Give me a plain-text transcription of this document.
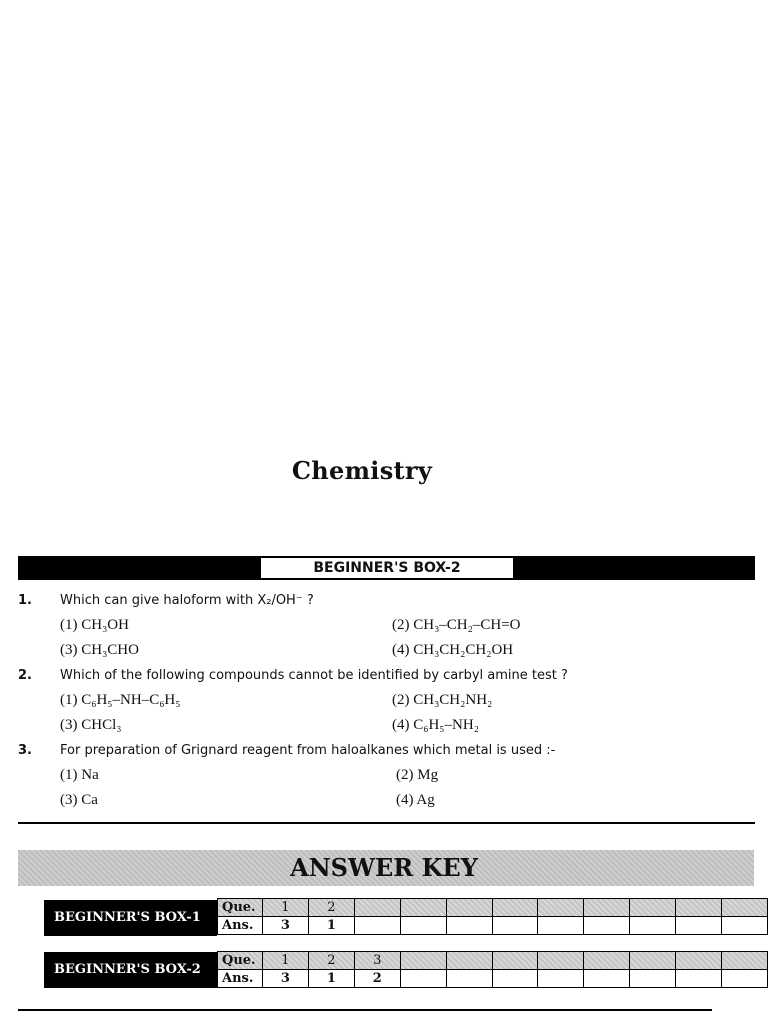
Chemistry
BEGINNER'S BOX-2
1. Which can give haloform with X₂/OH⁻ ?
(1) CH₃OH	(2) CH₃–CH₂–CH=O
(3) CH₃CHO	(4) CH₃CH₂CH₂OH
2. Which of the following compounds cannot be identified by carbyl amine test ?
(1) C₆H₅–NH–C₆H₅	(2) CH₃CH₂NH₂
(3) CHCl₃	(4) C₆H₅–NH₂
3. For preparation of Grignard reagent from haloalkanes which metal is used :-
(1) Na	(2) Mg
(3) Ca	(4) Ag
ANSWER KEY
BEGINNER'S BOX-1
Que.	1	2									
Ans.	3	1									
BEGINNER'S BOX-2
Que.	1	2	3								
Ans.	3	1	2								
